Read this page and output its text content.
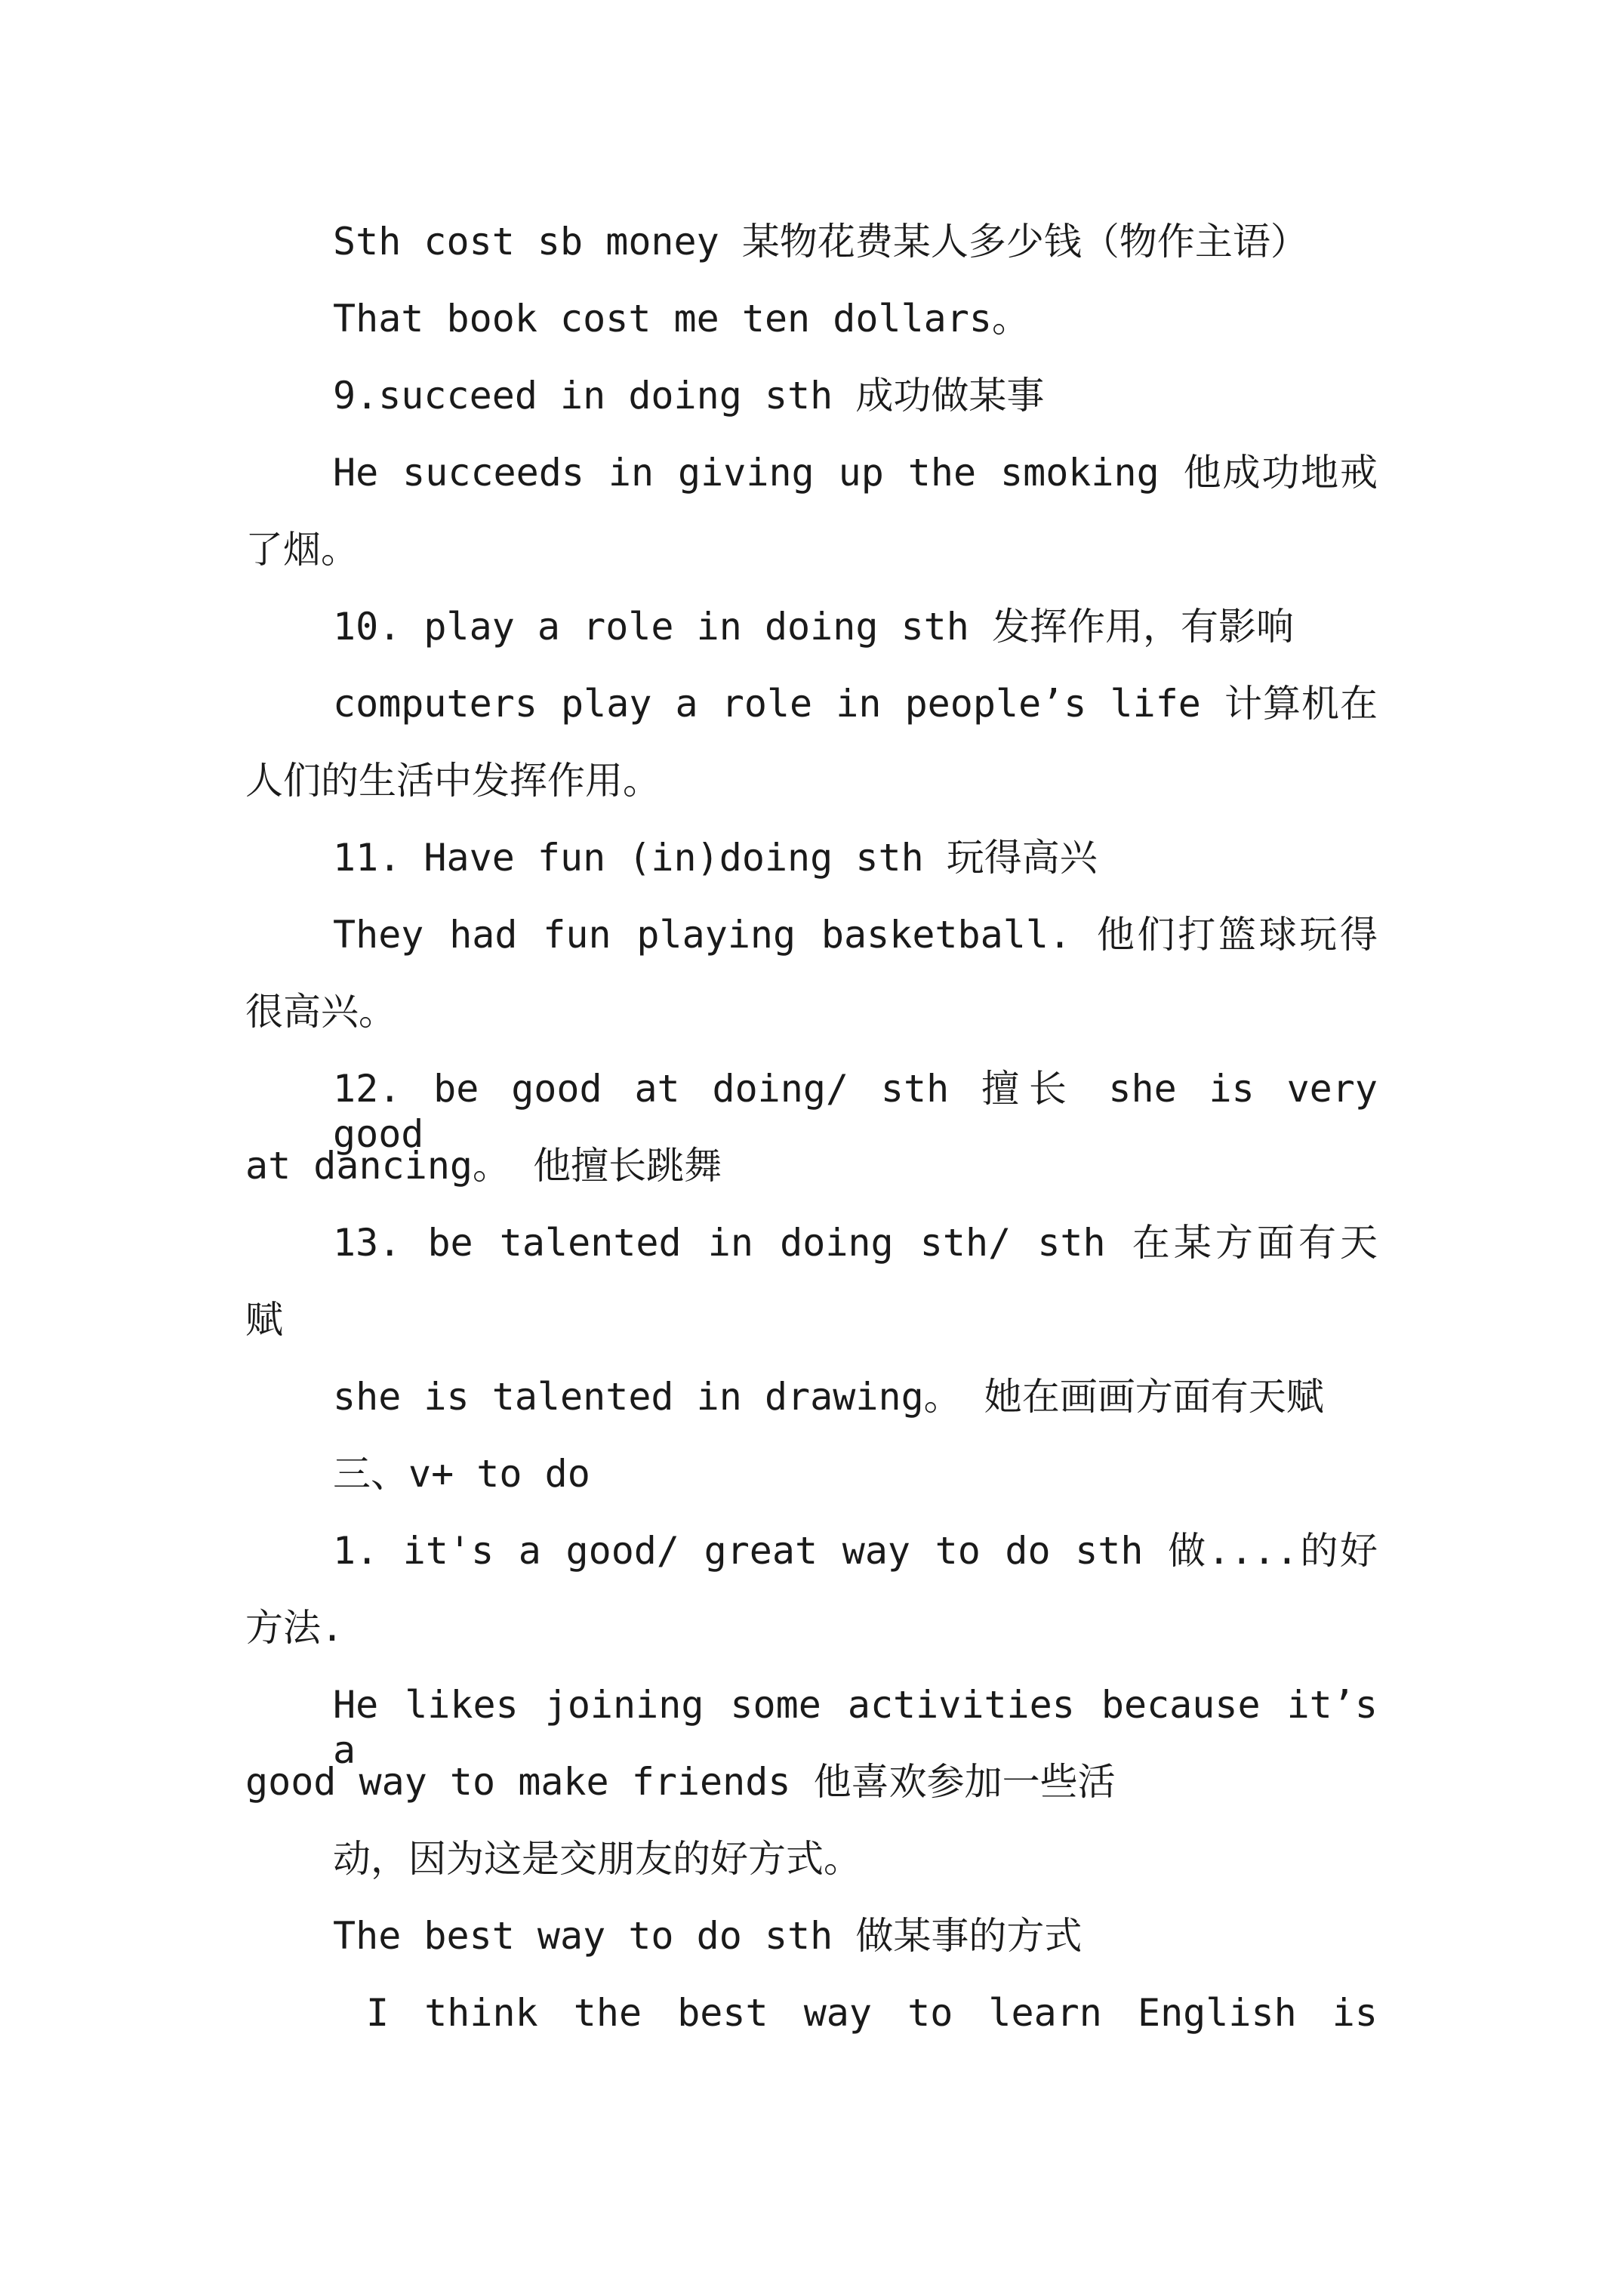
Sth cost sb money 某物花费某人多少钱（物作主语）

That book cost me ten dollars。

9.succeed in doing sth 成功做某事

He succeeds in giving up the smoking 他成功地戒

了烟。

10. play a role in doing sth 发挥作用，有影响

computers play a role in people’s life 计算机在

人们的生活中发挥作用。

11. Have fun (in)doing sth 玩得高兴

They had fun playing basketball. 他们打篮球玩得

很高兴。

12. be good at doing/ sth 擅长 she is very good

at dancing。 他擅长跳舞

13. be talented in doing sth/ sth 在某方面有天

赋

she is talented in drawing。 她在画画方面有天赋

三、v+ to do

1. it's a good/ great way to do sth 做....的好

方法.

He likes joining some activities because it’s a

good way to make friends 他喜欢参加一些活

动，因为这是交朋友的好方式。

The best way to do sth 做某事的方式

I think the best way to learn English is
